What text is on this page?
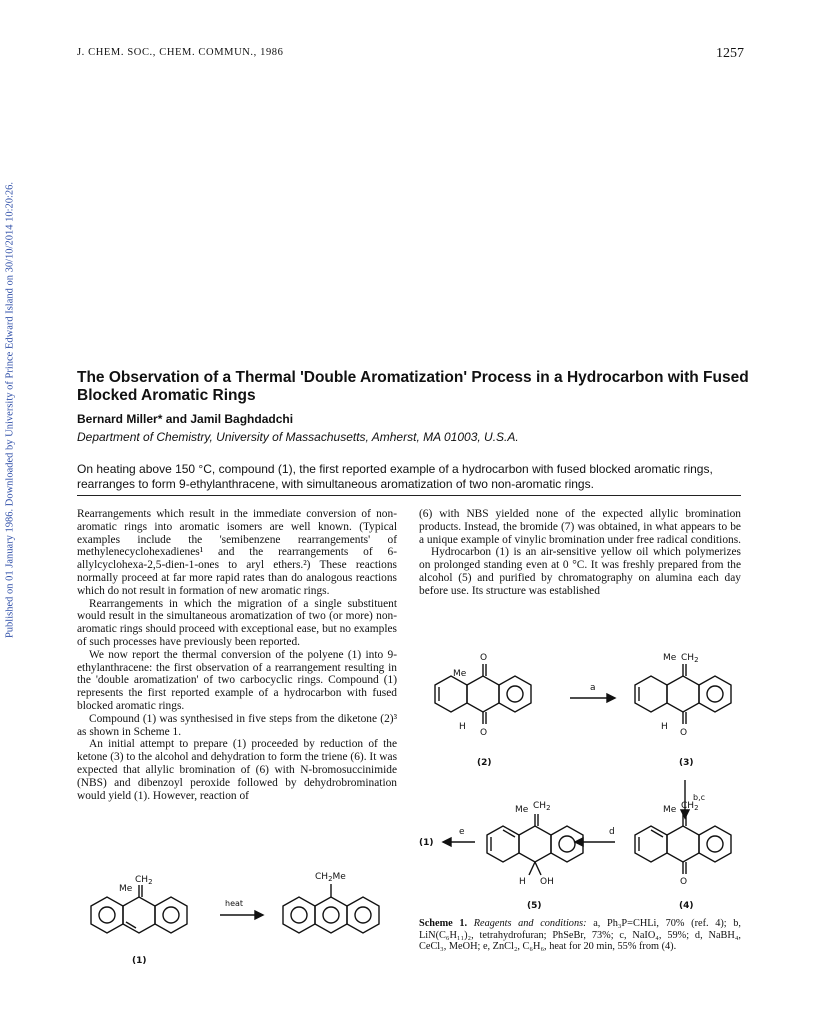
J. CHEM. SOC., CHEM. COMMUN., 1986	1257
Published on 01 January 1986. Downloaded by University of Prince Edward Island on 30/10/2014 10:20:26.	The Observation of a Thermal 'Double Aromatization' Process in a Hydrocarbon with Fused Blocked Aromatic Rings
Bernard Miller* and Jamil Baghdadchi
Department of Chemistry, University of Massachusetts, Amherst, MA 01003, U.S.A.
On heating above 150 °C, compound (1), the first reported example of a hydrocarbon with fused blocked aromatic rings, rearranges to form 9-ethylanthracene, with simultaneous aromatization of two non-aromatic rings.

Rearrangements which result in the immediate conversion of non-aromatic rings into aromatic isomers are well known. (Typical examples include the 'semibenzene rearrangements' of methylenecyclohexadienes¹ and the rearrangements of 6-allylcyclohexa-2,5-dien-1-ones to aryl ethers.²) These reactions normally proceed at far more rapid rates than do analogous reactions which do not result in formation of new aromatic rings.

Rearrangements in which the migration of a single substituent would result in the simultaneous aromatization of two (or more) non-aromatic rings should proceed with exceptional ease, but no examples of such processes have previously been reported.

We now report the thermal conversion of the polyene (1) into 9-ethylanthracene: the first observation of a rearrangement resulting in the 'double aromatization' of two carbocyclic rings. Compound (1) represents the first reported example of a hydrocarbon with fused blocked aromatic rings.

Compound (1) was synthesised in five steps from the diketone (2)³ as shown in Scheme 1.

An initial attempt to prepare (1) proceeded by reduction of the ketone (3) to the alcohol and dehydration to form the triene (6). It was expected that allylic bromination of (6) with N-bromosuccinimide (NBS) and dibenzoyl peroxide followed by dehydrobromination would yield (1). However, reaction of

(6) with NBS yielded none of the expected allylic bromination products. Instead, the bromide (7) was obtained, in what appears to be a unique example of vinylic bromination under free radical conditions.

Hydrocarbon (1) is an air-sensitive yellow oil which polymerizes on prolonged standing even at 0 °C. It was freshly prepared from the alcohol (5) and purified by chromatography on alumina each day before use. Its structure was established

O
O
Me
H
(2)
a
Me $CH_2$
H
O
(3)
b,c
Me $CH_2$
O
(4)
d
Me $CH_2$
H OH
(5)
e
(1)
Me
$CH_2$
(1)
heat
$CH_2Me$
Scheme 1. Reagents and conditions: a, Ph₃P=CHLi, 70% (ref. 4); b, LiN(C₆H₁₁)₂, tetrahydrofuran; PhSeBr, 73%; c, NaIO₄, 59%; d, NaBH₄, CeCl₃, MeOH; e, ZnCl₂, C₆H₆, heat for 20 min, 55% from (4).
